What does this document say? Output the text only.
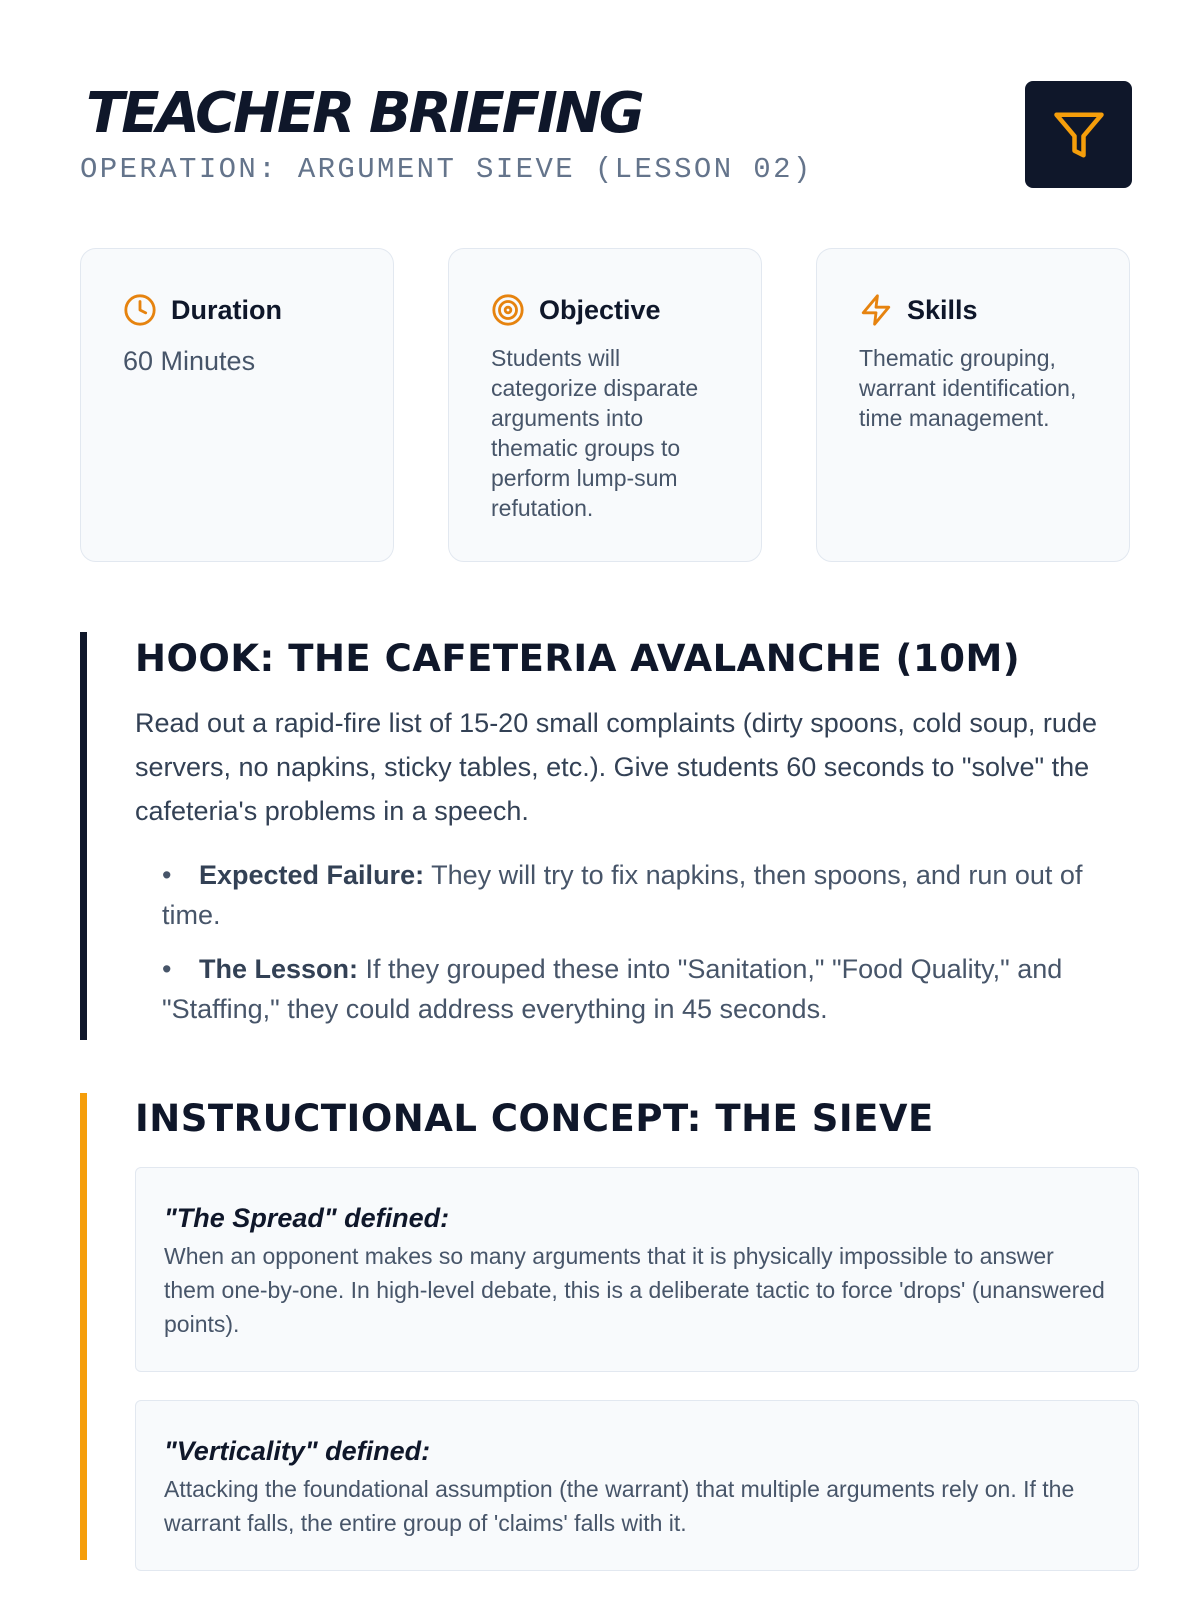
TEACHER BRIEFING
OPERATION: ARGUMENT SIEVE (LESSON 02)
Duration
60 Minutes
Objective
Students will categorize disparate arguments into thematic groups to perform lump-sum refutation.
Skills
Thematic grouping, warrant identification, time management.
HOOK: THE CAFETERIA AVALANCHE (10M)

Read out a rapid-fire list of 15-20 small complaints (dirty spoons, cold soup, rude servers, no napkins, sticky tables, etc.). Give students 60 seconds to "solve" the cafeteria's problems in a speech.

•	Expected Failure: They will try to fix napkins, then spoons, and run out of time.
•	The Lesson: If they grouped these into "Sanitation," "Food Quality," and "Staffing," they could address everything in 45 seconds.
INSTRUCTIONAL CONCEPT: THE SIEVE
"The Spread" defined:
When an opponent makes so many arguments that it is physically impossible to answer them one-by-one. In high-level debate, this is a deliberate tactic to force 'drops' (unanswered points).
"Verticality" defined:
Attacking the foundational assumption (the warrant) that multiple arguments rely on. If the warrant falls, the entire group of 'claims' falls with it.
